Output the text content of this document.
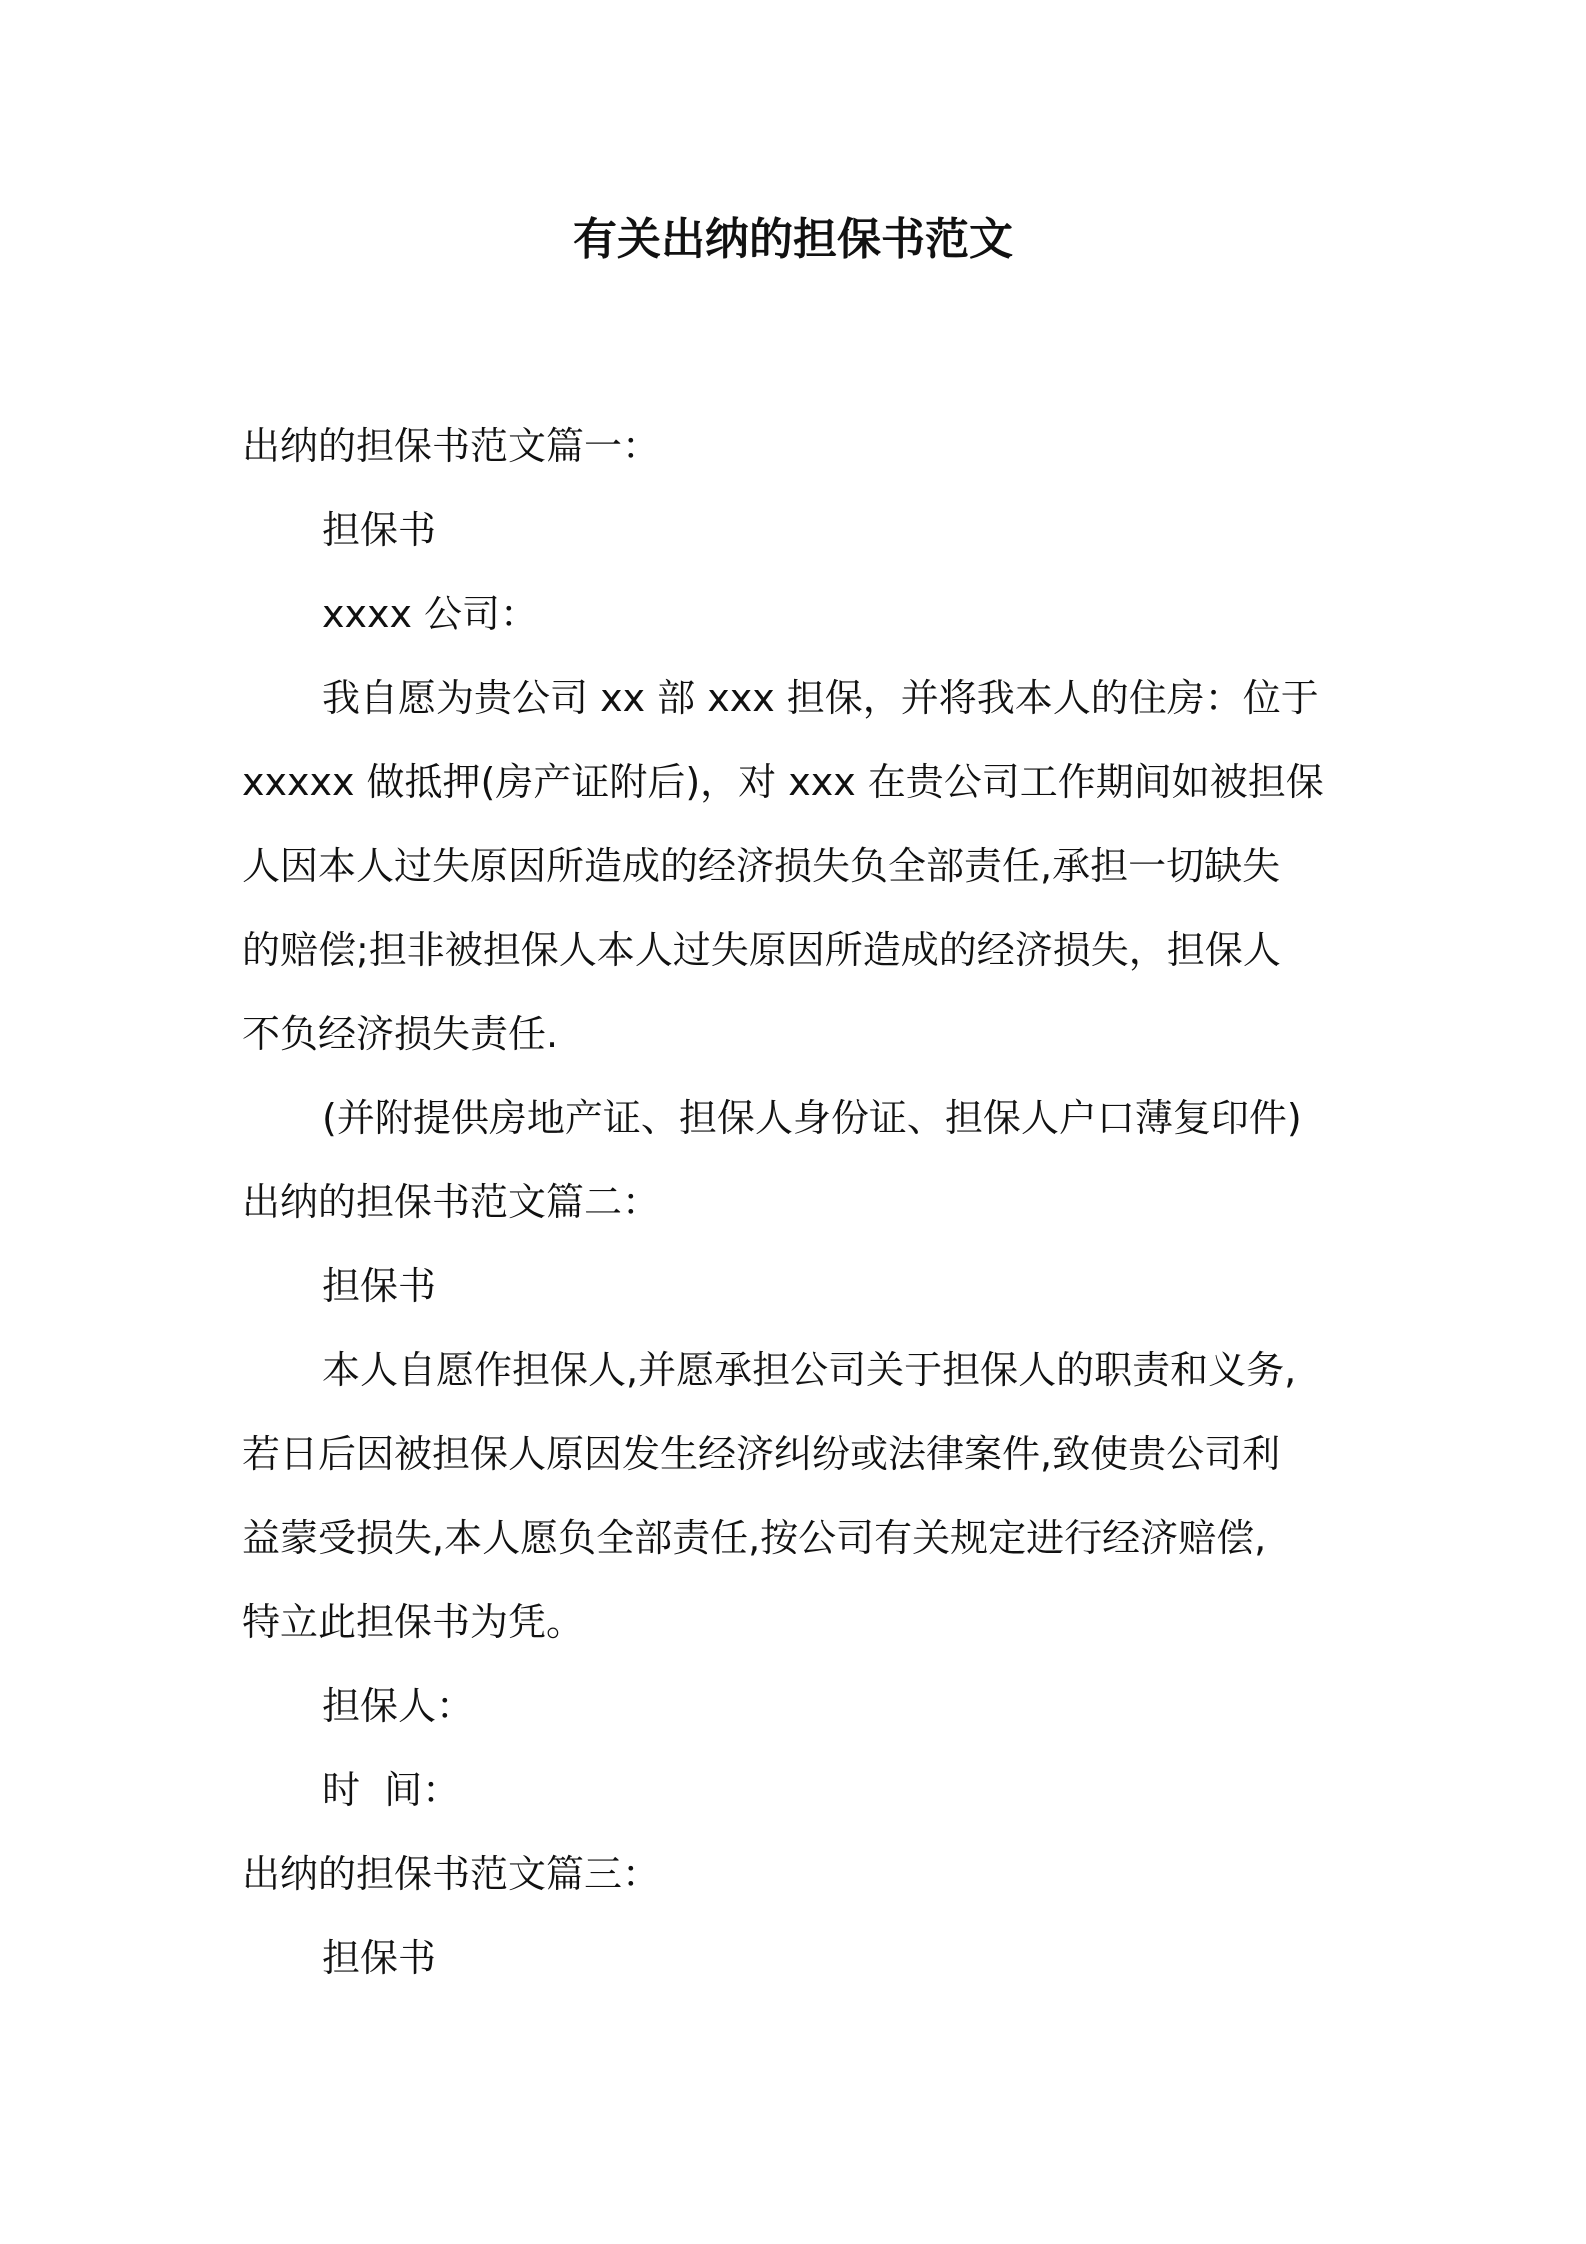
有关出纳的担保书范文
出纳的担保书范文篇一：
担保书
xxxx 公司：
我自愿为贵公司 xx 部 xxx 担保，并将我本人的住房：位于
xxxxx 做抵押(房产证附后)，对 xxx 在贵公司工作期间如被担保
人因本人过失原因所造成的经济损失负全部责任,承担一切缺失
的赔偿;担非被担保人本人过失原因所造成的经济损失，担保人
不负经济损失责任.
(并附提供房地产证、担保人身份证、担保人户口薄复印件)
出纳的担保书范文篇二：
担保书
本人自愿作担保人,并愿承担公司关于担保人的职责和义务,
若日后因被担保人原因发生经济纠纷或法律案件,致使贵公司利
益蒙受损失,本人愿负全部责任,按公司有关规定进行经济赔偿,
特立此担保书为凭。
担保人：
时  间：
出纳的担保书范文篇三：
担保书
